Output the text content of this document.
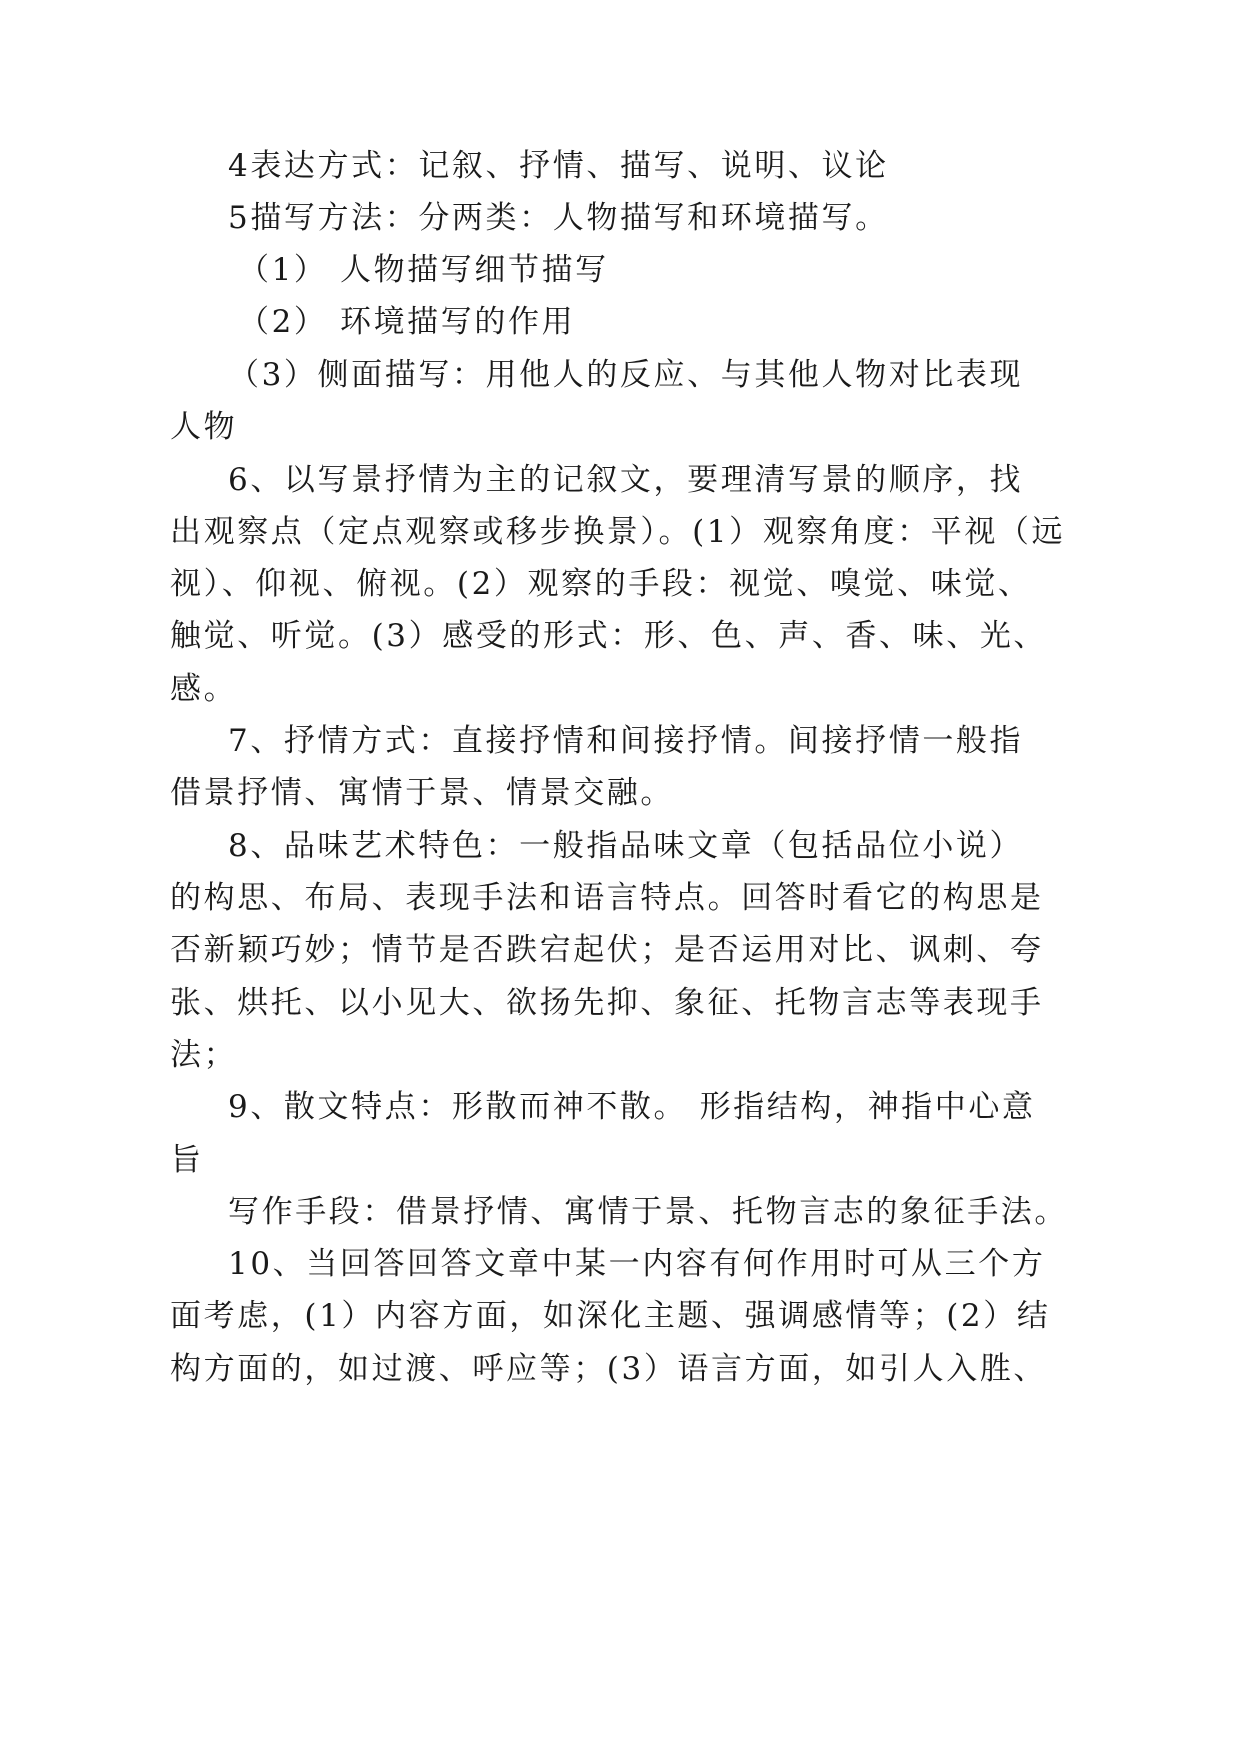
4表达方式：记叙、抒情、描写、说明、议论

5描写方法：分两类：人物描写和环境描写。

（1） 人物描写细节描写

（2） 环境描写的作用

（3）侧面描写：用他人的反应、与其他人物对比表现

人物

6、以写景抒情为主的记叙文，要理清写景的顺序，找

出观察点（定点观察或移步换景）。(1）观察角度：平视（远

视）、仰视、俯视。(2）观察的手段：视觉、嗅觉、味觉、

触觉、听觉。(3）感受的形式：形、色、声、香、味、光、

感。

7、抒情方式：直接抒情和间接抒情。间接抒情一般指

借景抒情、寓情于景、情景交融。

8、品味艺术特色：一般指品味文章（包括品位小说）

的构思、布局、表现手法和语言特点。回答时看它的构思是

否新颖巧妙；情节是否跌宕起伏；是否运用对比、讽刺、夸

张、烘托、以小见大、欲扬先抑、象征、托物言志等表现手

法；

9、散文特点：形散而神不散。 形指结构，神指中心意

旨

写作手段：借景抒情、寓情于景、托物言志的象征手法。

10、当回答回答文章中某一内容有何作用时可从三个方

面考虑，(1）内容方面，如深化主题、强调感情等；(2）结

构方面的，如过渡、呼应等；(3）语言方面，如引人入胜、
